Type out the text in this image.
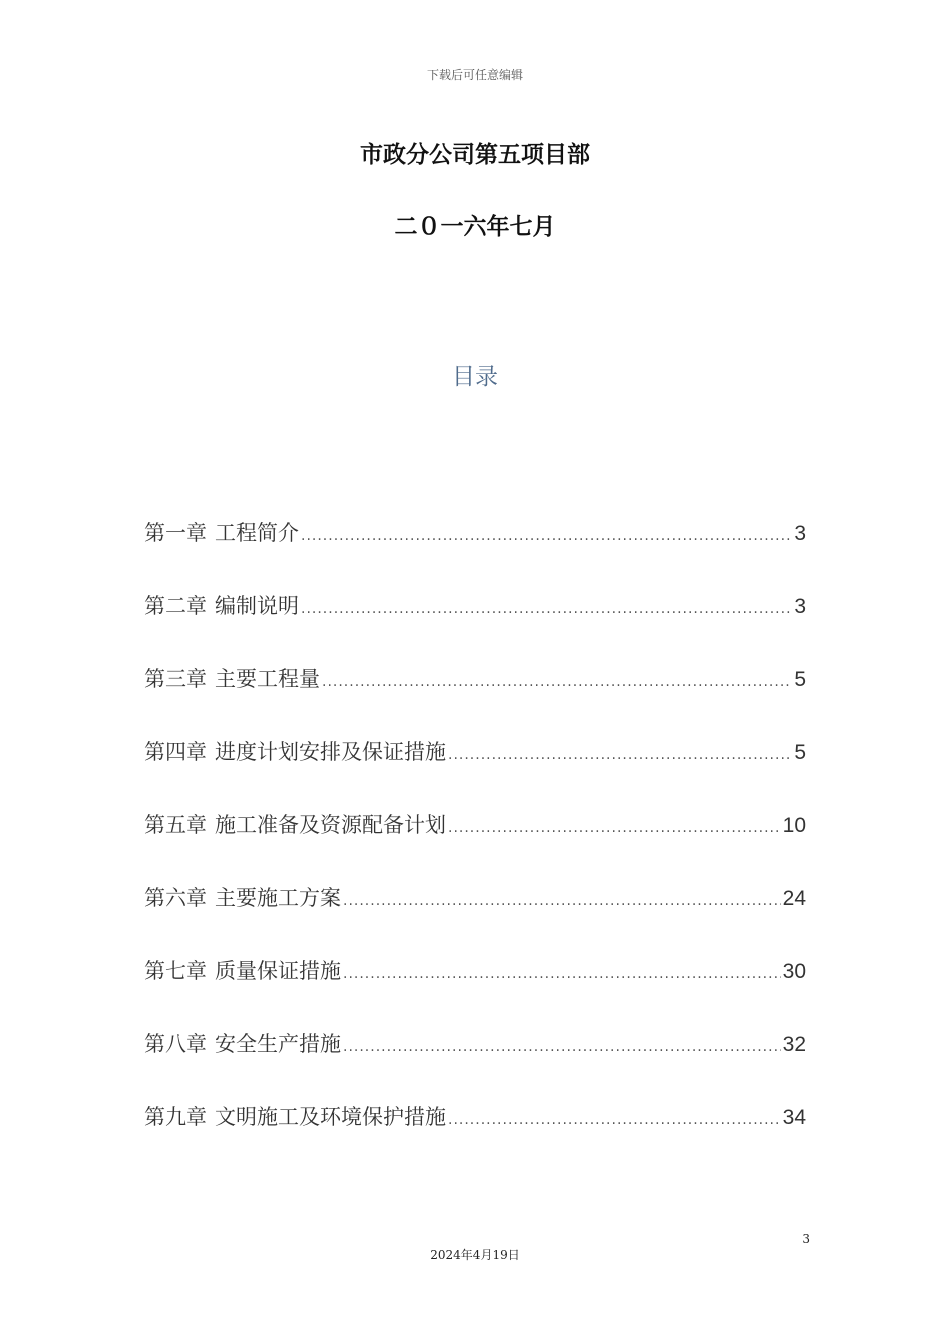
下载后可任意编辑
市政分公司第五项目部
二０一六年七月
目录
第一章 工程简介 .....	3
第二章 编制说明 .....	3
第三章 主要工程量 .....	5
第四章 进度计划安排及保证措施 .....	5
第五章 施工准备及资源配备计划 .....	10
第六章 主要施工方案 .....	24
第七章 质量保证措施 .....	30
第八章 安全生产措施 .....	32
第九章 文明施工及环境保护措施 .....	34
3
2024年4月19日
